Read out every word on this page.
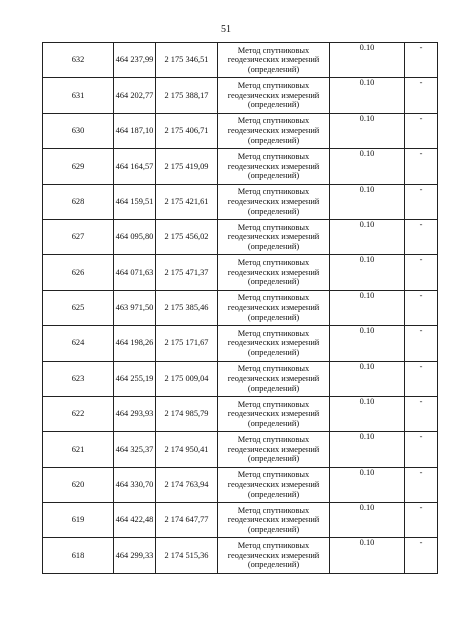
51
632	464 237,99	2 175 346,51	Метод спутниковых геодезических измерений (определений)	0.10	-
631	464 202,77	2 175 388,17	Метод спутниковых геодезических измерений (определений)	0.10	-
630	464 187,10	2 175 406,71	Метод спутниковых геодезических измерений (определений)	0.10	-
629	464 164,57	2 175 419,09	Метод спутниковых геодезических измерений (определений)	0.10	-
628	464 159,51	2 175 421,61	Метод спутниковых геодезических измерений (определений)	0.10	-
627	464 095,80	2 175 456,02	Метод спутниковых геодезических измерений (определений)	0.10	-
626	464 071,63	2 175 471,37	Метод спутниковых геодезических измерений (определений)	0.10	-
625	463 971,50	2 175 385,46	Метод спутниковых геодезических измерений (определений)	0.10	-
624	464 198,26	2 175 171,67	Метод спутниковых геодезических измерений (определений)	0.10	-
623	464 255,19	2 175 009,04	Метод спутниковых геодезических измерений (определений)	0.10	-
622	464 293,93	2 174 985,79	Метод спутниковых геодезических измерений (определений)	0.10	-
621	464 325,37	2 174 950,41	Метод спутниковых геодезических измерений (определений)	0.10	-
620	464 330,70	2 174 763,94	Метод спутниковых геодезических измерений (определений)	0.10	-
619	464 422,48	2 174 647,77	Метод спутниковых геодезических измерений (определений)	0.10	-
618	464 299,33	2 174 515,36	Метод спутниковых геодезических измерений (определений)	0.10	-
